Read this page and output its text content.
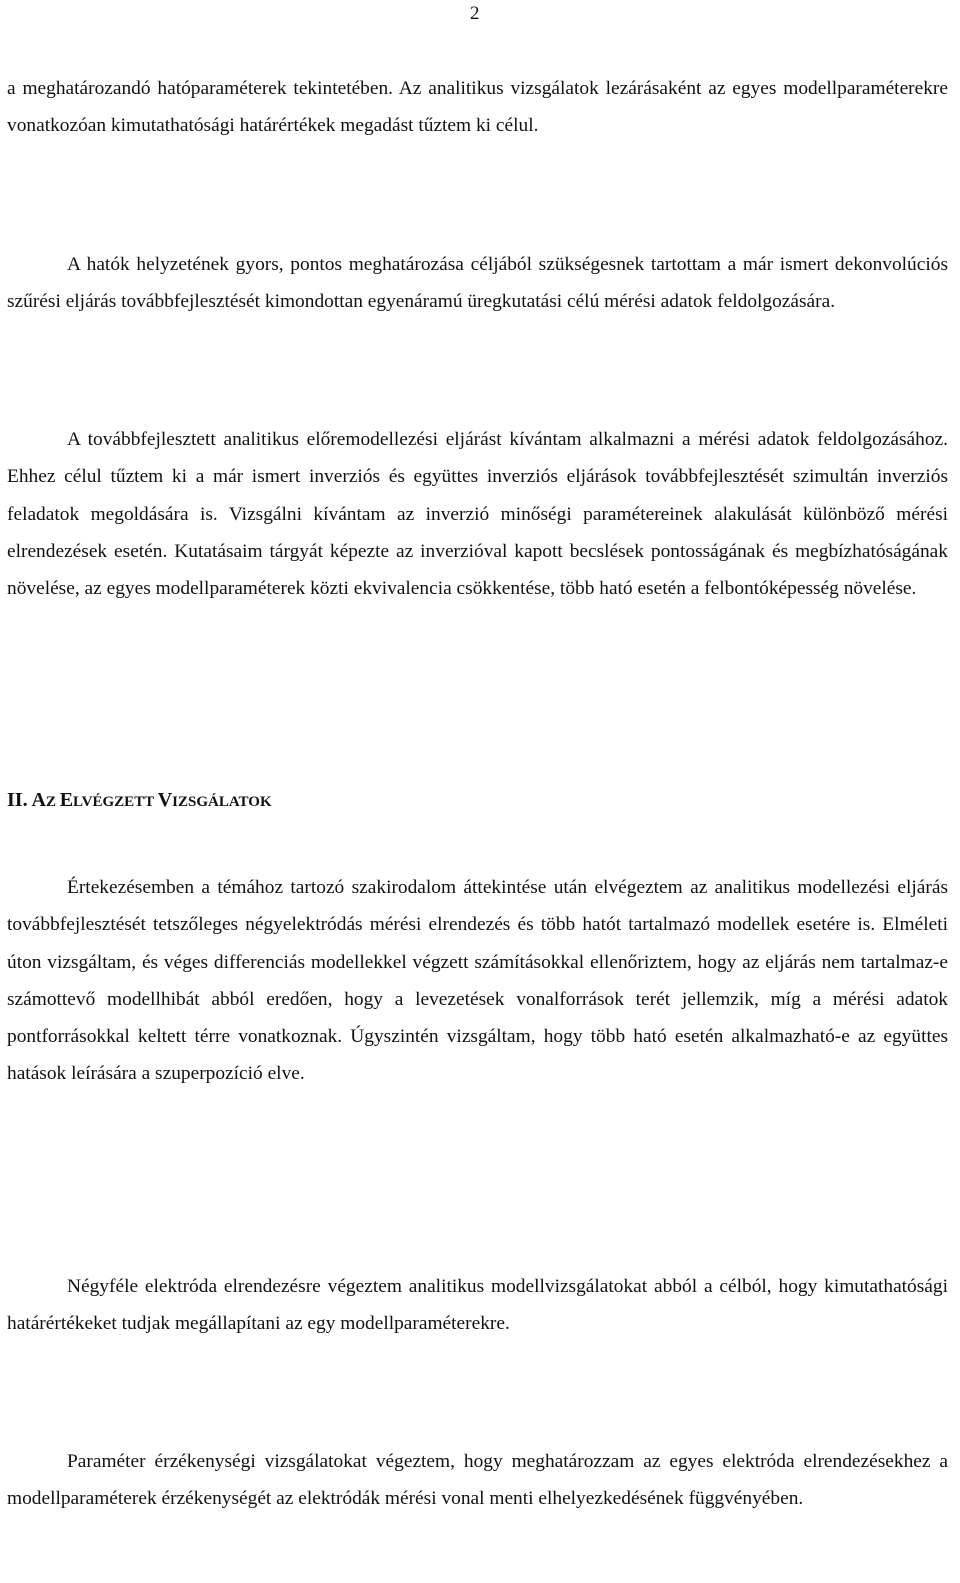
2

a meghatározandó hatóparaméterek tekintetében. Az analitikus vizsgálatok lezárásaként az egyes modellparaméterekre vonatkozóan kimutathatósági határértékek megadást tűztem ki célul.

A hatók helyzetének gyors, pontos meghatározása céljából szükségesnek tartottam a már ismert dekonvolúciós szűrési eljárás továbbfejlesztését kimondottan egyenáramú üregkutatási célú mérési adatok feldolgozására.

A továbbfejlesztett analitikus előremodellezési eljárást kívántam alkalmazni a mérési adatok feldolgozásához. Ehhez célul tűztem ki a már ismert inverziós és együttes inverziós eljárások továbbfejlesztését szimultán inverziós feladatok megoldására is. Vizsgálni kívántam az inverzió minőségi paramétereinek alakulását különböző mérési elrendezések esetén. Kutatásaim tárgyát képezte az inverzióval kapott becslések pontosságának és megbízhatóságának növelése, az egyes modellparaméterek közti ekvivalencia csökkentése, több ható esetén a felbontóképesség növelése.

II. AZ ELVÉGZETT VIZSGÁLATOK

Értekezésemben a témához tartozó szakirodalom áttekintése után elvégeztem az analitikus modellezési eljárás továbbfejlesztését tetszőleges négyelektródás mérési elrendezés és több hatót tartalmazó modellek esetére is. Elméleti úton vizsgáltam, és véges differenciás modellekkel végzett számításokkal ellenőriztem, hogy az eljárás nem tartalmaz-e számottevő modellhibát abból eredően, hogy a levezetések vonalforrások terét jellemzik, míg a mérési adatok pontforrásokkal keltett térre vonatkoznak. Úgyszintén vizsgáltam, hogy több ható esetén alkalmazható-e az együttes hatások leírására a szuperpozíció elve.

Négyféle elektróda elrendezésre végeztem analitikus modellvizsgálatokat abból a célból, hogy kimutathatósági határértékeket tudjak megállapítani az egy modellparaméterekre.

Paraméter érzékenységi vizsgálatokat végeztem, hogy meghatározzam az egyes elektróda elrendezésekhez a modellparaméterek érzékenységét az elektródák mérési vonal menti elhelyezkedésének függvényében.
